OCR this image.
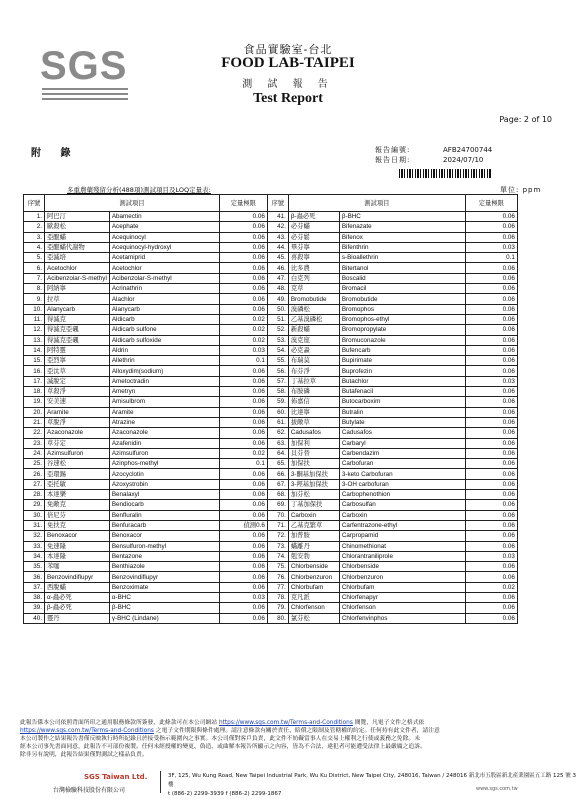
SGS	食品實驗室-台北
FOOD LAB-TAIPEI
測 試 報 告
Test Report
Page: 2 of 10
附 錄	報告編號:	AFB24700744
報告日期:	2024/07/10
多重農藥殘留分析(488項)測試項目及LOQ定量表:	單位: ppm
序號	測試項目		定量極限	序號	測試項目		定量極限
1.	阿巴汀	Abamectin	0.06	41.	β-蟲必死	β-BHC	0.06
2.	歐殺松	Acephate	0.06	42.	必芬蟎	Bifenazate	0.06
3.	亞醌蟎	Acequinocyl	0.06	43.	必芬鬆	Bifenox	0.06
4.	亞醌蟎代謝物	Acequinocyl-hydroxyl	0.06	44.	畢芬寧	Bifenthrin	0.03
5.	亞滅培	Acetamiprid	0.06	45.	喜殺寧	s-Bioallethrin	0.1
6.	Acetochlor	Acetochlor	0.06	46.	比多農	Bitertanol	0.06
7.	Acibenzolar-S-methyl	Acibenzolar-S-methyl	0.06	47.	白克列	Boscalid	0.06
8.	阿納寧	Acrinathrin	0.06	48.	克草	Bromacil	0.06
9.	拉草	Alachlor	0.06	49.	Bromobutide	Bromobutide	0.06
10.	Alanycarb	Alanycarb	0.06	50.	溴磷松	Bromophos	0.06
11.	得滅克	Aldicarb	0.02	51.	乙基溴磷松	Bromophos-ethyl	0.06
12.	得滅克亞碸	Aldicarb sulfone	0.02	52.	新殺蟎	Bromopropylate	0.06
13.	得滅克亞碸	Aldicarb sulfoxide	0.02	53.	溴克座	Bromuconazole	0.06
14.	阿特靈	Aldrin	0.03	54.	必克蝨	Bufencarb	0.06
15.	亞烈寧	Allethrin	0.1	55.	布瑞莫	Bupirimate	0.06
16.	亞汰草	Alloxydim(sodium)	0.06	56.	布芬淨	Buprofezin	0.06
17.	滅脫定	Ametoctradin	0.06	57.	丁基拉草	Butachlor	0.03
18.	草殺淨	Ametryn	0.06	58.	布胺磷	Butafenacil	0.06
19.	安美速	Amisulbrom	0.06	59.	佈嘉信	Butocarboxim	0.06
20.	Aramite	Aramite	0.06	60.	比達寧	Butralin	0.06
21.	草脫淨	Atrazine	0.06	61.	拔敵草	Butylate	0.06
22.	Azaconazole	Azaconazole	0.06	62.	Cadusafos	Cadusafos	0.06
23.	草芬定	Azafenidin	0.06	63.	加保利	Carbaryl	0.06
24.	Azimsulfuron	Azimsulfuron	0.02	64.	貝芬替	Carbendazim	0.06
25.	谷速松	Azinphos-methyl	0.1	65.	加保扶	Carbofuran	0.06
26.	亞環錫	Azocyclotin	0.06	66.	3-酮基加保扶	3-keto Carbofuran	0.06
27.	亞托敏	Azoxystrobin	0.06	67.	3-羥基加保扶	3-OH carbofuran	0.06
28.	本達樂	Benalaxyl	0.06	68.	加芬松	Carbophenothion	0.06
29.	免敵克	Bendiocarb	0.06	69.	丁基加保扶	Carbosulfan	0.06
30.	倍尼芬	Benfluralin	0.06	70.	Carboxin	Carboxin	0.06
31.	免扶克	Benfuracarb	偵測0.6	71.	乙基克繁草	Carfentrazone-ethyl	0.06
32.	Benoxacor	Benoxacor	0.06	72.	加普胺	Carpropamid	0.06
33.	免速隆	Bensulfuron-methyl	0.06	73.	蟎離丹	Chinomethionat	0.06
34.	本達隆	Bentazone	0.06	74.	剋安勃	Chlorantraniliprole	0.03
35.	苯噻	Benthiazole	0.06	75.	Chlorbenside	Chlorbenside	0.06
36.	Benzovindiflupyr	Benzovindiflupyr	0.06	76.	Chlorbenzuron	Chlorbenzuron	0.06
37.	西脫蟎	Benzoximate	0.06	77.	Chlorbufam	Chlorbufam	0.02
38.	α-蟲必死	α-BHC	0.03	78.	克凡派	Chlorfenapyr	0.06
39.	β-蟲必死	β-BHC	0.06	79.	Chlorfenson	Chlorfenson	0.06
40.	靈丹	γ-BHC (Lindane)	0.06	80.	氯芬松	Chlorfenvinphos	0.06
此報告係本公司依照背面所印之通用服務條款所簽發，此條款可在本公司網站 https://www.sgs.com.tw/Terms-and-Conditions 閱覽，凡電子文件之格式依
https://www.sgs.com.tw/Terms-and-Conditions 之電子文件期限與條件處理。請注意條款有關於責任、賠償之限制及管轄權的約定。任何持有此文件者，請注意
本公司製作之結果報告書僅反映執行時所紀錄且於接受指示範圍內之事實。本公司僅對客戶負責，此文件不妨礙當事人在交易上權利之行使或義務之免除。未
經本公司事先書面同意，此報告不可部份複製。任何未經授權的變更、偽造、或曲解本報告所顯示之內容，皆為不合法，違犯者可能遭受法律上最嚴厲之追訴。
除非另有說明，此報告結果僅對測試之樣品負責。
SGS Taiwan Ltd.
台灣檢驗科技股份有限公司
3F, 125, Wu Kung Road, New Taipei Industrial Park, Wu Ku District, New Taipei City, 248016, Taiwan / 248016 新北市五股區新北產業園區五工路 125 號 3 樓
t (886-2) 2299-3939 f (886-2) 2299-1867
www.sgs.com.tw
